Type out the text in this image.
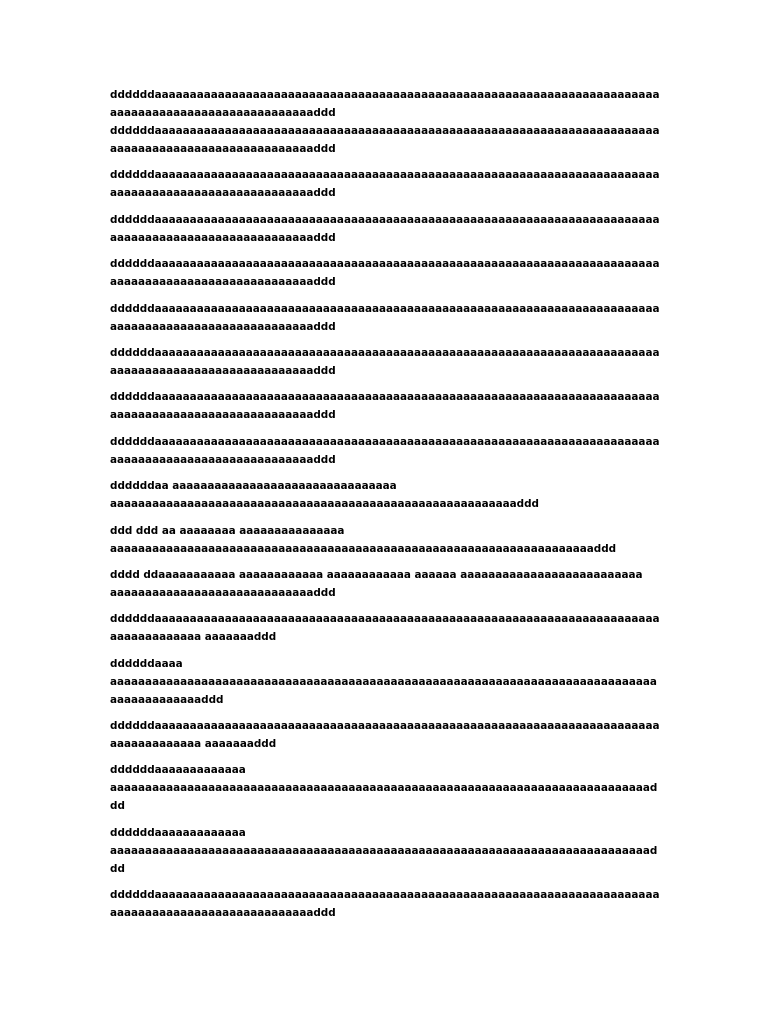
ddddddaaaaaaaaaaaaaaaaaaaaaaaaaaaaaaaaaaaaaaaaaaaaaaaaaaaaaaaaaaaaaaaaaaaaaaaaaaaaaaaaaaaaaaaaaaaaaaaaaaaaaddd

ddddddaaaaaaaaaaaaaaaaaaaaaaaaaaaaaaaaaaaaaaaaaaaaaaaaaaaaaaaaaaaaaaaaaaaaaaaaaaaaaaaaaaaaaaaaaaaaaaaaaaaaaddd

ddddddaaaaaaaaaaaaaaaaaaaaaaaaaaaaaaaaaaaaaaaaaaaaaaaaaaaaaaaaaaaaaaaaaaaaaaaaaaaaaaaaaaaaaaaaaaaaaaaaaaaaaddd

ddddddaaaaaaaaaaaaaaaaaaaaaaaaaaaaaaaaaaaaaaaaaaaaaaaaaaaaaaaaaaaaaaaaaaaaaaaaaaaaaaaaaaaaaaaaaaaaaaaaaaaaaddd

ddddddaaaaaaaaaaaaaaaaaaaaaaaaaaaaaaaaaaaaaaaaaaaaaaaaaaaaaaaaaaaaaaaaaaaaaaaaaaaaaaaaaaaaaaaaaaaaaaaaaaaaaddd

ddddddaaaaaaaaaaaaaaaaaaaaaaaaaaaaaaaaaaaaaaaaaaaaaaaaaaaaaaaaaaaaaaaaaaaaaaaaaaaaaaaaaaaaaaaaaaaaaaaaaaaaaddd

ddddddaaaaaaaaaaaaaaaaaaaaaaaaaaaaaaaaaaaaaaaaaaaaaaaaaaaaaaaaaaaaaaaaaaaaaaaaaaaaaaaaaaaaaaaaaaaaaaaaaaaaaddd

ddddddaaaaaaaaaaaaaaaaaaaaaaaaaaaaaaaaaaaaaaaaaaaaaaaaaaaaaaaaaaaaaaaaaaaaaaaaaaaaaaaaaaaaaaaaaaaaaaaaaaaaaddd

ddddddaaaaaaaaaaaaaaaaaaaaaaaaaaaaaaaaaaaaaaaaaaaaaaaaaaaaaaaaaaaaaaaaaaaaaaaaaaaaaaaaaaaaaaaaaaaaaaaaaaaaaddd

ddddddaa aaaaaaaaaaaaaaaaaaaaaaaaaaaaaaaa aaaaaaaaaaaaaaaaaaaaaaaaaaaaaaaaaaaaaaaaaaaaaaaaaaaaaaaaaaddd

ddd ddd aa aaaaaaaa aaaaaaaaaaaaaaa aaaaaaaaaaaaaaaaaaaaaaaaaaaaaaaaaaaaaaaaaaaaaaaaaaaaaaaaaaaaaaaaaaaaaddd

dddd ddaaaaaaaaaaa aaaaaaaaaaaa aaaaaaaaaaaa aaaaaa aaaaaaaaaaaaaaaaaaaaaaaaaa aaaaaaaaaaaaaaaaaaaaaaaaaaaaaddd

ddddddaaaaaaaaaaaaaaaaaaaaaaaaaaaaaaaaaaaaaaaaaaaaaaaaaaaaaaaaaaaaaaaaaaaaaaaaaaaaaaaaaaaaa aaaaaaaddd

ddddddaaaa aaaaaaaaaaaaaaaaaaaaaaaaaaaaaaaaaaaaaaaaaaaaaaaaaaaaaaaaaaaaaaaaaaaaaaaaaaaaaaaaaaaaaaaaaaaddd

ddddddaaaaaaaaaaaaaaaaaaaaaaaaaaaaaaaaaaaaaaaaaaaaaaaaaaaaaaaaaaaaaaaaaaaaaaaaaaaaaaaaaaaaa aaaaaaaddd

ddddddaaaaaaaaaaaaa aaaaaaaaaaaaaaaaaaaaaaaaaaaaaaaaaaaaaaaaaaaaaaaaaaaaaaaaaaaaaaaaaaaaaaaaaaaaaddd

ddddddaaaaaaaaaaaaa aaaaaaaaaaaaaaaaaaaaaaaaaaaaaaaaaaaaaaaaaaaaaaaaaaaaaaaaaaaaaaaaaaaaaaaaaaaaaddd

ddddddaaaaaaaaaaaaaaaaaaaaaaaaaaaaaaaaaaaaaaaaaaaaaaaaaaaaaaaaaaaaaaaaaaaaaaaaaaaaaaaaaaaaaaaaaaaaaaaaaaaaaddd
